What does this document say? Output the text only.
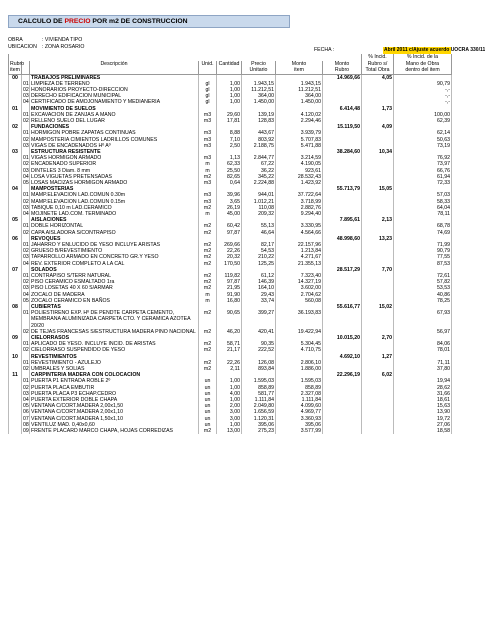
CALCULO DE PRECIO POR m2 DE CONSTRUCCION
OBRA	: VIVIENDA TIPO
UBICACION : ZONA ROSARIO	FECHA :	Abril 2011 c/Ajuste acuerdo UOCRA 330/11
								% Incid.	% Incid. de la
Rubro		Descripción	Unid.	Cantidad	Precio	Monto	Monto	Rubro s/	Mano de Obra
item					Unitario	item	Rubro	Total Obra	dentro del item
00		TRABAJOS PRELIMINARES					14.969,66	4,05	
	01	LIMPIEZA DE TERRENO	gl	1,00	1.943,15	1.943,15			90,79
	02	HONORARIOS PROYECTO-DIRECCION	gl	1,00	11.212,51	11.212,51			-,-
	03	DERECHO EDIFICACION MUNICIPAL	gl	1,00	364,00	364,00			-,-
	04	CERTIFICADO DE AMOJONAMIENTO Y MEDIANERIA	gl	1,00	1.450,00	1.450,00			-,-
01		MOVIMIENTO DE SUELOS					6.414,48	1,73	
	01	EXCAVACION DE ZANJAS A MANO	m3	29,60	139,19	4.120,02			100,00
	02	RELLENO SUELO DEL LUGAR	m3	17,81	128,83	2.294,46			62,39
02		FUNDACIONES					15.119,50	4,09	
	01	HORMIGON POBRE ZAPATAS CONTINUAS	m3	8,88	443,67	3.939,79			62,14
	02	MAMPOSTERIA CIMIENTOS LADRILLOS COMUNES	m3	7,10	803,92	5.707,83			50,63
	03	VIGAS DE ENCADENADOS Hº Aº	m3	2,50	2.188,75	5.471,88			73,19
03		ESTRUCTURA RESISTENTE					38.284,60	10,34	
	01	VIGAS HORMIGON ARMADO	m3	1,13	2.844,77	3.214,59			76,92
	02	ENCADENADO SUPERIOR	m	62,33	67,22	4.190,05			73,97
	03	DINTELES 3 Diam. 8 mm	m	25,50	36,22	923,61			66,76
	04	LOSA VIGUETAS PRETENSADAS	m2	82,65	345,22	28.532,43			61,94
	05	LOSAS MACIZAS HORMIGON ARMADO	m3	0,64	2.224,88	1.423,92			72,33
04		MAMPOSTERIAS					55.713,79	15,05	
	01	MAMP.ELEVACION LAD.COMUN 0.30m	m3	39,96	944,01	37.722,64			57,03
	02	MAMP.ELEVACION LAD.COMUN 0.15m	m3	3,65	1.012,21	3.718,99			58,33
	03	TABIQUE 0,10 m LAD.CERAMICO	m2	26,19	110,08	2.882,76			64,04
	04	MOJINETE LAD.COM. TERMINADO	m	45,00	209,32	9.294,40			78,11
05		AISLACIONES					7.895,61	2,13	
	01	DOBLE HORIZONTAL	m2	60,42	55,13	3.330,95			68,78
	02	CAPA AISLADORA S/CONTRAPISO	m2	97,87	46,64	4.564,66			74,69
06		REVOQUES					48.998,60	13,23	
	01	JAHARRO Y ENLUCIDO DE YESO INCLUYE ARISTAS	m2	269,66	82,17	22.157,96			71,99
	02	GRUESO B/REVESTIMIENTO	m2	22,26	54,53	1.213,84			90,79
	03	TAPARROLLO ARMADO EN CONCRETO GR.Y YESO	m2	20,32	210,22	4.271,67			77,55
	04	REV. EXTERIOR COMPLETO A LA CAL	m2	170,50	125,25	21.355,13			87,53
07		SOLADOS					28.517,29	7,70	
	01	CONTRAPISO S/TERR NATURAL	m2	119,82	61,12	7.323,40			72,61
	02	PISO CERAMICO ESMALTADO 1ra	m2	97,87	146,39	14.327,19			57,82
	03	PISO LOSETAS 40 X 60 S/ARMAR	m2	21,95	164,10	3.602,00			53,53
	04	ZOCALO DE MADERA	m	91,90	29,43	2.704,62			40,86
	05	ZOCALO CERAMICO EN BAÑOS	m	16,80	33,74	560,08			78,25
08		CUBIERTAS					55.616,77	15,02	
	01	POLIESTIRENO EXP. Hº DE PENDTE CARPETA CEMENTO, MEMBRANA ALUMINIZADA CARPETA CTO. Y CERAMICA AZOTEA 20/20	m2	90,65	399,27	36.193,83			67,93
	02	DE TEJAS FRANCESAS S/ESTRUCTURA MADERA PINO NACIONAL	m2	46,20	420,41	19.422,94			56,97
09		CIELORRASOS					10.015,20	2,70	
	01	APLICADO DE YESO. INCLUYE INCID. DE ARISTAS	m2	58,71	90,35	5.304,45			84,06
	02	CIELORRASO SUSPENDIDO DE YESO	m2	21,17	222,52	4.710,75			78,01
10		REVESTIMIENTOS					4.692,10	1,27	
	01	REVESTIMIENTO - AZULEJO	m2	22,26	126,08	2.806,10			71,11
	02	UMBRALES Y SOLIAS	m2	2,11	893,84	1.886,00			37,80
11		CARPINTERIA MADERA CON COLOCACION					22.296,19	6,02	
	01	PUERTA P1 ENTRADA ROBLE 2º	un	1,00	1.595,03	1.595,03			19,94
	02	PUERTA PLACA EMBUTIR	un	1,00	858,89	858,89			28,62
	03	PUERTA PLACA P3 ECHAP.CEDRO	un	4,00	581,77	2.327,08			31,66
	04	PUERTA EXTERIOR DOBLE CHAPA	un	1,00	1.111,84	1.111,84			18,61
	05	VENTANA C/CORT.MADERA 2,00x1,50	un	2,00	2.049,80	4.099,60			15,63
	06	VENTANA C/CORT.MADERA 2,00x1,10	un	3,00	1.656,59	4.969,77			13,90
	07	VENTANA C/CORT.MADERA 1,50x1,10	un	3,00	1.120,31	3.360,93			19,72
	08	VENTILUZ MAD. 0,40x0,60	un	1,00	395,06	395,06			27,06
	09	FRENTE PLACARD MARCO CHAPA, HOJAS CORREDIZAS	m2	13,00	275,23	3.577,99			18,58
